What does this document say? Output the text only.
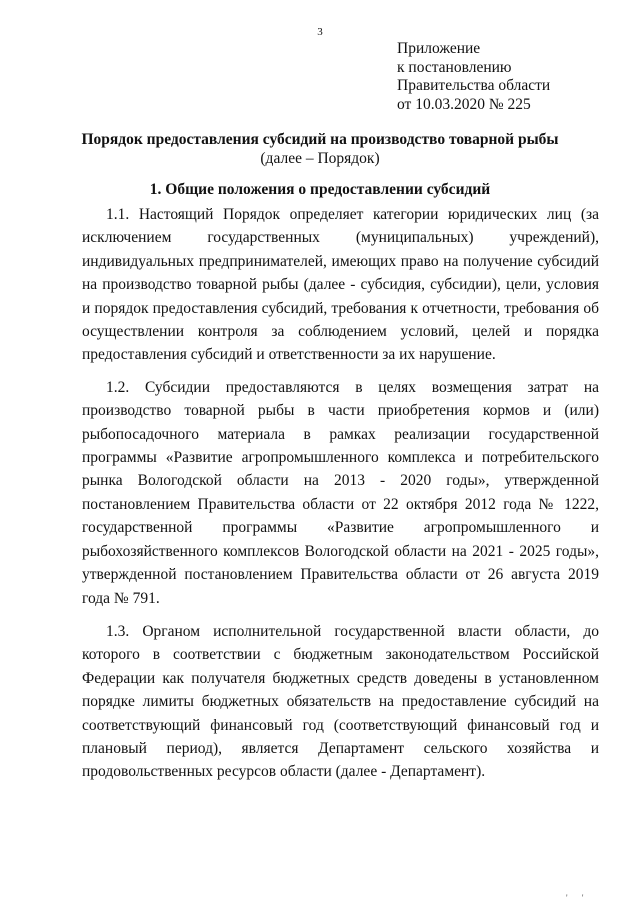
3
Приложение
к постановлению
Правительства области
от 10.03.2020 № 225
Порядок предоставления субсидий на производство товарной рыбы
(далее – Порядок)
1. Общие положения о предоставлении субсидий

1.1. Настоящий Порядок определяет категории юридических лиц (за исключением государственных (муниципальных) учреждений), индивидуальных предпринимателей, имеющих право на получение субсидий на производство товарной рыбы (далее - субсидия, субсидии), цели, условия и порядок предоставления субсидий, требования к отчетности, требования об осуществлении контроля за соблюдением условий, целей и порядка предоставления субсидий и ответственности за их нарушение.

1.2. Субсидии предоставляются в целях возмещения затрат на производство товарной рыбы в части приобретения кормов и (или) рыбопосадочного материала в рамках реализации государственной программы «Развитие агропромышленного комплекса и потребительского рынка Вологодской области на 2013 - 2020 годы», утвержденной постановлением Правительства области от 22 октября 2012 года № 1222, государственной программы «Развитие агропромышленного и рыбохозяйственного комплексов Вологодской области на 2021 - 2025 годы», утвержденной постановлением Правительства области от 26 августа 2019 года № 791.

1.3. Органом исполнительной государственной власти области, до которого в соответствии с бюджетным законодательством Российской Федерации как получателя бюджетных средств доведены в установленном порядке лимиты бюджетных обязательств на предоставление субсидий на соответствующий финансовый год (соответствующий финансовый год и плановый период), является Департамент сельского хозяйства и продовольственных ресурсов области (далее - Департамент).

' '
